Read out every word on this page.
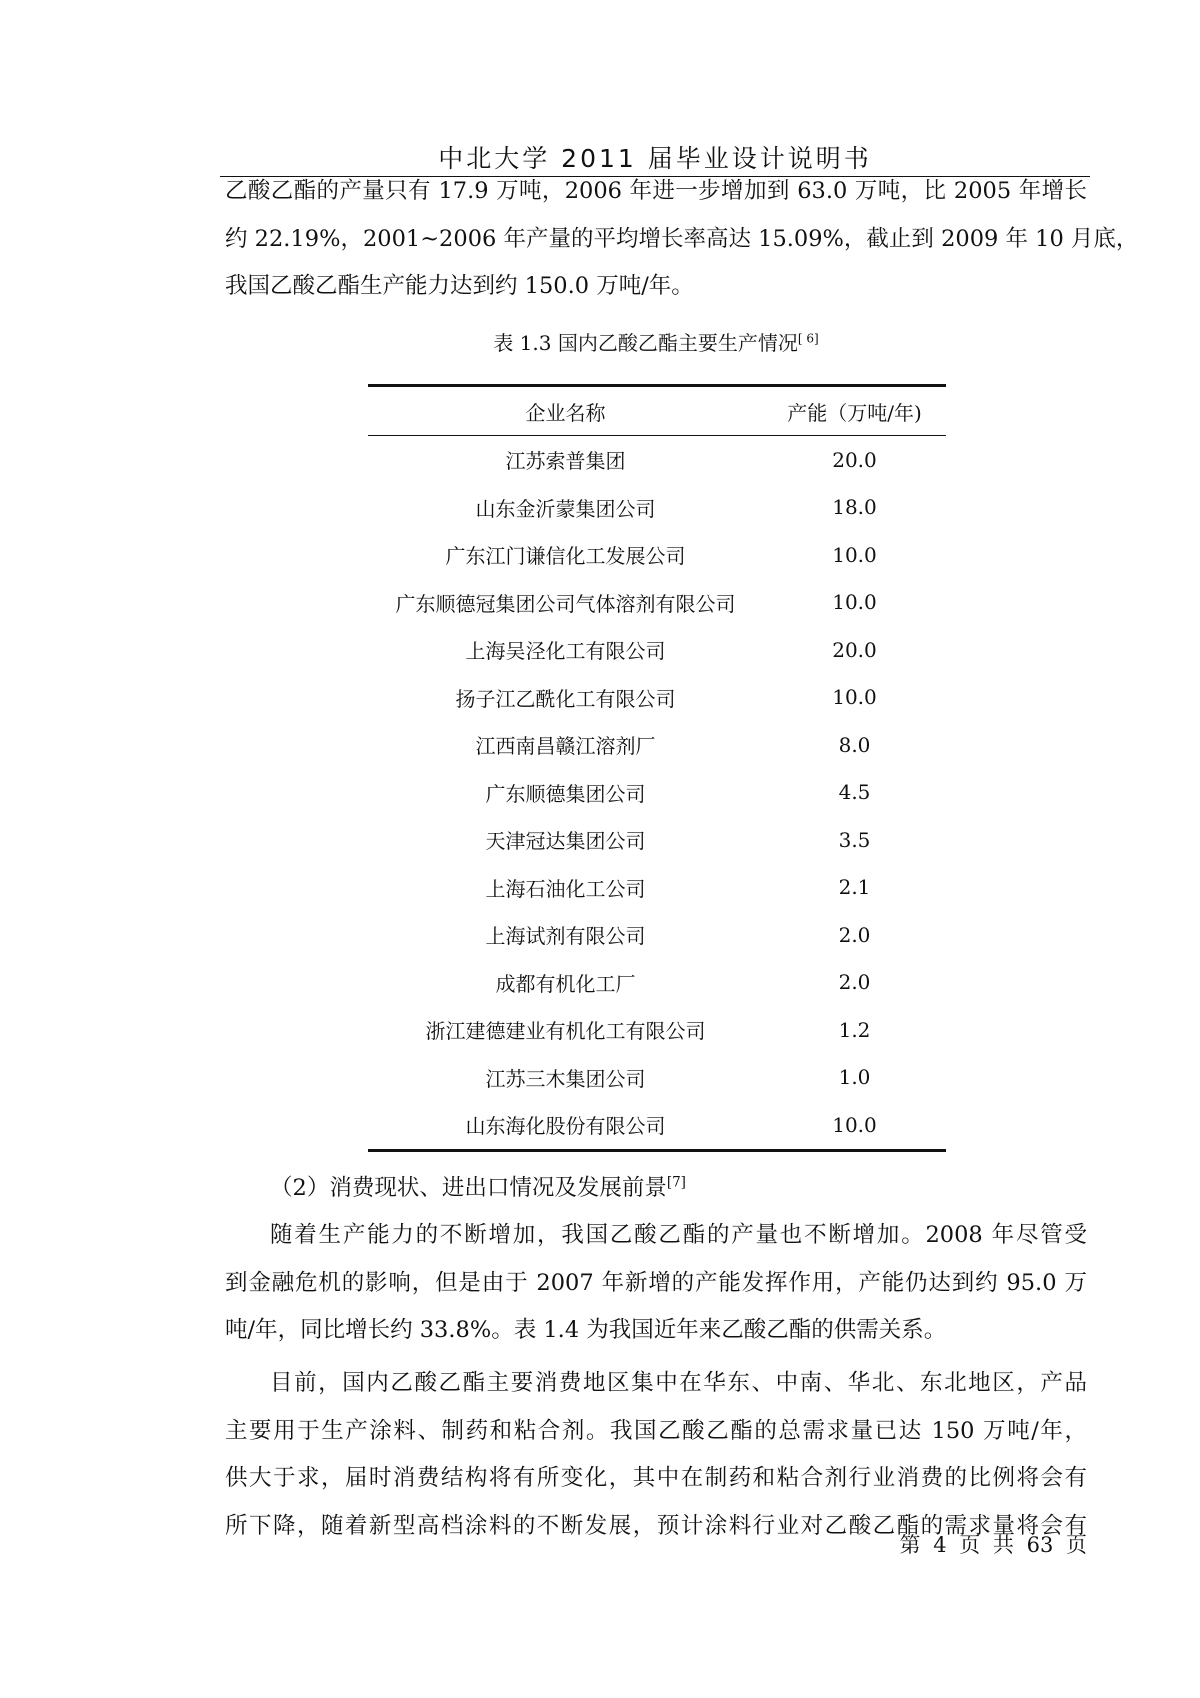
中北大学 2011 届毕业设计说明书

乙酸乙酯的产量只有 17.9 万吨，2006 年进一步增加到 63.0 万吨，比 2005 年增长
约 22.19%，2001~2006 年产量的平均增长率高达 15.09%，截止到 2009 年 10 月底，
我国乙酸乙酯生产能力达到约 150.0 万吨/年。

表 1.3 国内乙酸乙酯主要生产情况[ 6]
企业名称	产能（万吨/年)
江苏索普集团	20.0
山东金沂蒙集团公司	18.0
广东江门谦信化工发展公司	10.0
广东顺德冠集团公司气体溶剂有限公司	10.0
上海吴泾化工有限公司	20.0
扬子江乙酰化工有限公司	10.0
江西南昌赣江溶剂厂	8.0
广东顺德集团公司	4.5
天津冠达集团公司	3.5
上海石油化工公司	2.1
上海试剂有限公司	2.0
成都有机化工厂	2.0
浙江建德建业有机化工有限公司	1.2
江苏三木集团公司	1.0
山东海化股份有限公司	10.0
（2）消费现状、进出口情况及发展前景[7]

随着生产能力的不断增加，我国乙酸乙酯的产量也不断增加。2008 年尽管受
到金融危机的影响，但是由于 2007 年新增的产能发挥作用，产能仍达到约 95.0 万
吨/年，同比增长约 33.8%。表 1.4 为我国近年来乙酸乙酯的供需关系。

目前，国内乙酸乙酯主要消费地区集中在华东、中南、华北、东北地区，产品
主要用于生产涂料、制药和粘合剂。我国乙酸乙酯的总需求量已达 150 万吨/年，
供大于求，届时消费结构将有所变化，其中在制药和粘合剂行业消费的比例将会有
所下降，随着新型高档涂料的不断发展，预计涂料行业对乙酸乙酯的需求量将会有

第 4 页 共 63 页
